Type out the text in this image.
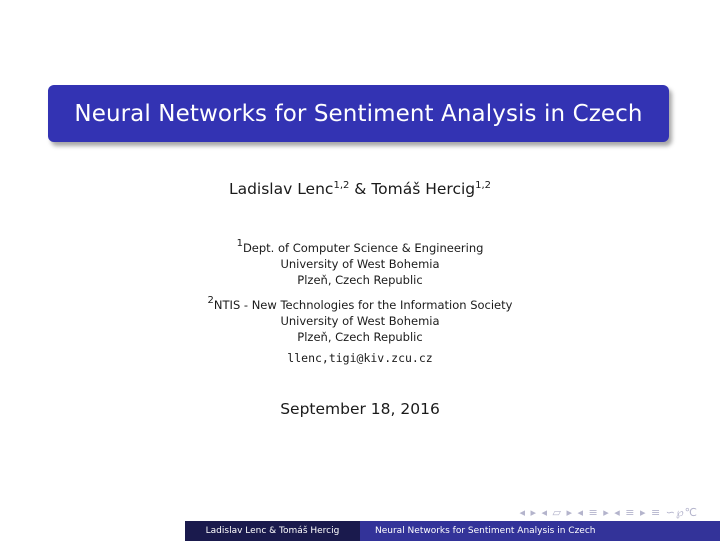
Neural Networks for Sentiment Analysis in Czech
Ladislav Lenc$^{1,2}$ & Tomáš Hercig$^{1,2}$
$^1$Dept. of Computer Science & Engineering
University of West Bohemia
Plzeň, Czech Republic
$^2$NTIS - New Technologies for the Information Society
University of West Bohemia
Plzeň, Czech Republic
llenc,tigi@kiv.zcu.cz
September 18, 2016
◂ ▸ ◂ ▱ ▸ ◂ ≡ ▸ ◂ ≡ ▸ ≡ ∽℘℃
Ladislav Lenc & Tomáš Hercig	Neural Networks for Sentiment Analysis in Czech
